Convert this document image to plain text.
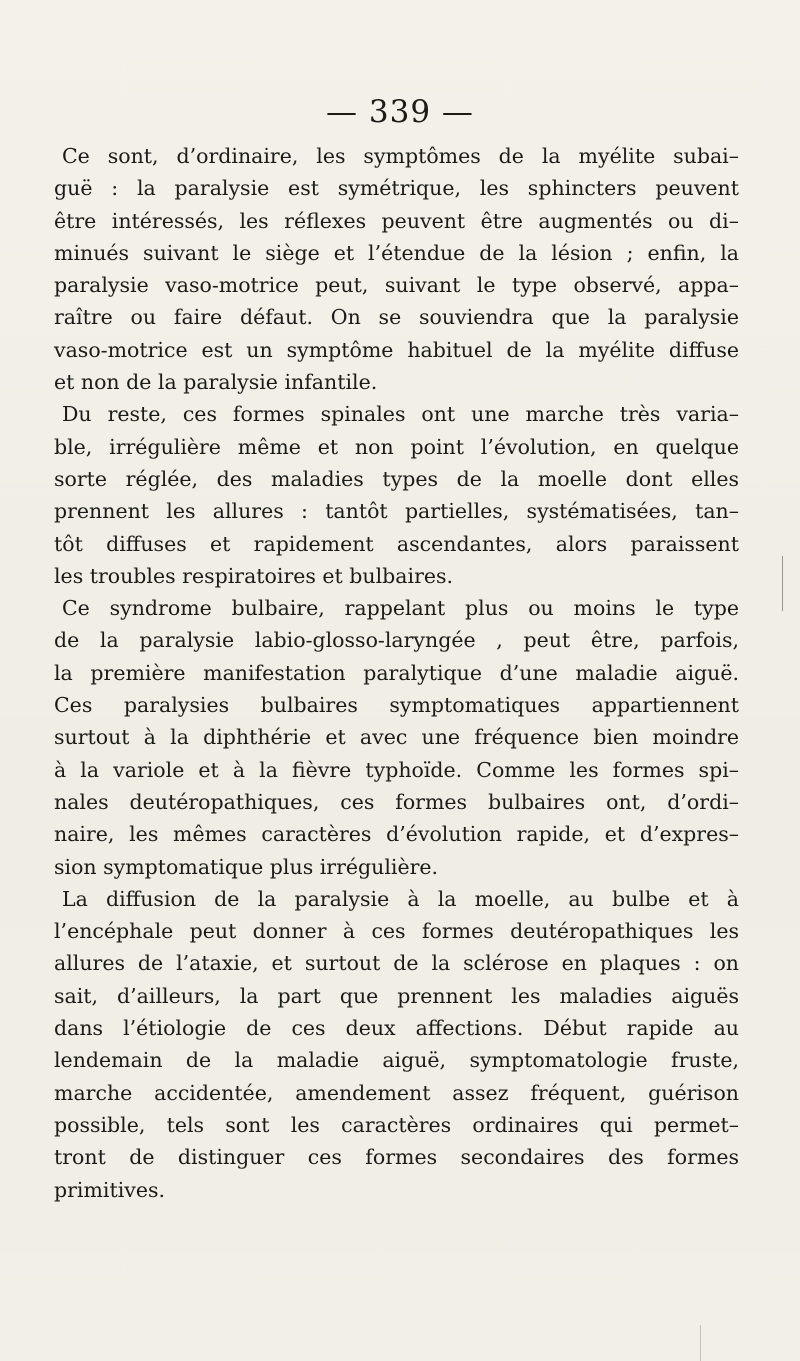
— 339 —
Ce sont, d’ordinaire, les symptômes de la myélite subai–
guë : la paralysie est symétrique, les sphincters peuvent
être intéressés, les réflexes peuvent être augmentés ou di–
minués suivant le siège et l’étendue de la lésion ; enfin, la
paralysie vaso-motrice peut, suivant le type observé, appa–
raître ou faire défaut. On se souviendra que la paralysie
vaso-motrice est un symptôme habituel de la myélite diffuse
et non de la paralysie infantile.
Du reste, ces formes spinales ont une marche très varia–
ble, irrégulière même et non point l’évolution, en quelque
sorte réglée, des maladies types de la moelle dont elles
prennent les allures : tantôt partielles, systématisées, tan–
tôt diffuses et rapidement ascendantes, alors paraissent
les troubles respiratoires et bulbaires.
Ce syndrome bulbaire, rappelant plus ou moins le type
de la paralysie labio-glosso-laryngée , peut être, parfois,
la première manifestation paralytique d’une maladie aiguë.
Ces paralysies bulbaires symptomatiques appartiennent
surtout à la diphthérie et avec une fréquence bien moindre
à la variole et à la fièvre typhoïde. Comme les formes spi–
nales deutéropathiques, ces formes bulbaires ont, d’ordi–
naire, les mêmes caractères d’évolution rapide, et d’expres–
sion symptomatique plus irrégulière.
La diffusion de la paralysie à la moelle, au bulbe et à
l’encéphale peut donner à ces formes deutéropathiques les
allures de l’ataxie, et surtout de la sclérose en plaques : on
sait, d’ailleurs, la part que prennent les maladies aiguës
dans l’étiologie de ces deux affections. Début rapide au
lendemain de la maladie aiguë, symptomatologie fruste,
marche accidentée, amendement assez fréquent, guérison
possible, tels sont les caractères ordinaires qui permet–
tront de distinguer ces formes secondaires des formes
primitives.
